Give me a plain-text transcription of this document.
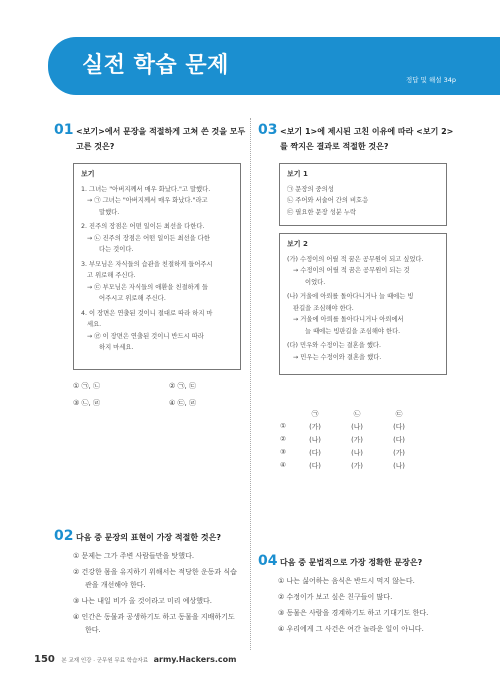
실전 학습 문제
정답 및 해설 34p
01 <보기>에서 문장을 적절하게 고쳐 쓴 것을 모두
고른 것은?
보기
1. 그녀는 "아버지께서 매우 화났다."고 말했다.
→ ㉠ 그녀는 "아버지께서 매우 화났다."라고
말했다.
2. 진주의 장점은 어떤 일이든 최선을 다한다.
→ ㉡ 진주의 장점은 어떤 일이든 최선을 다한
다는 것이다.
3. 부모님은 자식들의 습관을 친절하게 들어주시
고 위로해 주신다.
→ ㉢ 부모님은 자식들의 애환을 친절하게 들
어주시고 위로해 주신다.
4. 이 장면은 연출된 것이니 절대로 따라 하지 마
세요.
→ ㉣ 이 장면은 연출된 것이니 반드시 따라
하지 마세요.
① ㉠, ㉡	② ㉠, ㉢
③ ㉡, ㉣	④ ㉢, ㉣
02 다음 중 문장의 표현이 가장 적절한 것은?
① 문제는 그가 주변 사람들만을 탓했다.
② 건강한 몸을 유지하기 위해서는 적당한 운동과 식습관을 개선해야 한다.
③ 나는 내일 비가 올 것이라고 미리 예상했다.
④ 인간은 동물과 공생하기도 하고 동물을 지배하기도 한다.
03 <보기 1>에 제시된 고친 이유에 따라 <보기 2>
를 짝지은 결과로 적절한 것은?
보기 1
㉠ 문장의 중의성
㉡ 주어와 서술어 간의 비호응
㉢ 필요한 문장 성분 누락
보기 2
(가) 수정이의 어릴 적 꿈은 공무원이 되고 싶었다.
→ 수정이의 어릴 적 꿈은 공무원이 되는 것
이었다.
(나) 거울에 아뢰를 돌아다니거나 늘 때에는 빙
판길을 조심해야 한다.
→ 거울에 아뢰를 돌아다니거나 아뢰에서
늘 때에는 빙판길을 조심해야 한다.
(다) 민우와 수정이는 결혼을 했다.
→ 민우는 수정이와 결혼을 했다.
	㉠	㉡	㉢
①	(가)	(나)	(다)
②	(나)	(가)	(다)
③	(다)	(나)	(가)
④	(다)	(가)	(나)
04 다음 중 문법적으로 가장 정확한 문장은?
① 나는 싫어하는 음식은 반드시 먹지 않는다.
② 수정이가 보고 싶은 친구들이 많다.
③ 동물은 사람을 경계하기도 하고 기대기도 한다.
④ 우리에게 그 사건은 여간 놀라운 일이 아니다.
150 본 교재 인강 · 군무원 무료 학습자료 army.Hackers.com
